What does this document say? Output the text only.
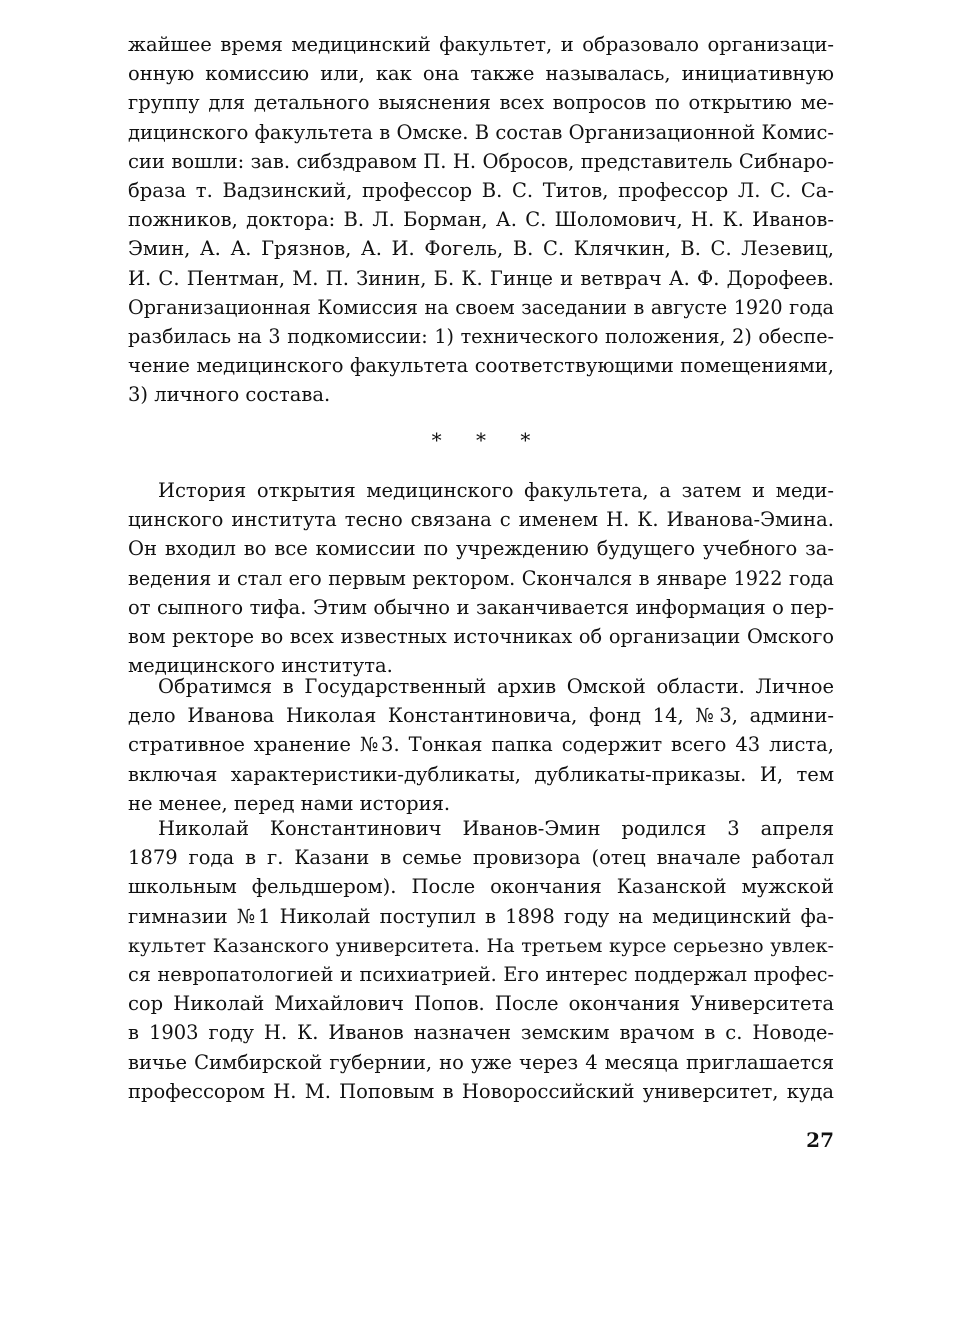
жайшее время медицинский факультет, и образовало организаци-
онную комиссию или, как она также называлась, инициативную
группу для детального выяснения всех вопросов по открытию ме-
дицинского факультета в Омске. В состав Организационной Комис-
сии вошли: зав. сибздравом П. Н. Обросов, представитель Сибнаро-
браза т. Вадзинский, профессор В. С. Титов, профессор Л. С. Са-
пожников, доктора: В. Л. Борман, А. С. Шоломович, Н. К. Иванов-
Эмин, А. А. Грязнов, А. И. Фогель, В. С. Клячкин, В. С. Лезевиц,
И. С. Пентман, М. П. Зинин, Б. К. Гинце и ветврач А. Ф. Дорофеев.
Организационная Комиссия на своем заседании в августе 1920 года
разбилась на 3 подкомиссии: 1) технического положения, 2) обеспе-
чение медицинского факультета соответствующими помещениями,
3) личного состава.
* * *
История открытия медицинского факультета, а затем и меди-
цинского института тесно связана с именем Н. К. Иванова-Эмина.
Он входил во все комиссии по учреждению будущего учебного за-
ведения и стал его первым ректором. Скончался в январе 1922 года
от сыпного тифа. Этим обычно и заканчивается информация о пер-
вом ректоре во всех известных источниках об организации Омского
медицинского института.
Обратимся в Государственный архив Омской области. Личное
дело Иванова Николая Константиновича, фонд 14, №3, админи-
стративное хранение №3. Тонкая папка содержит всего 43 листа,
включая характеристики-дубликаты, дубликаты-приказы. И, тем
не менее, перед нами история.
Николай Константинович Иванов-Эмин родился 3 апреля
1879 года в г. Казани в семье провизора (отец вначале работал
школьным фельдшером). После окончания Казанской мужской
гимназии №1 Николай поступил в 1898 году на медицинский фа-
культет Казанского университета. На третьем курсе серьезно увлек-
ся невропатологией и психиатрией. Его интерес поддержал профес-
сор Николай Михайлович Попов. После окончания Университета
в 1903 году Н. К. Иванов назначен земским врачом в с. Новоде-
вичье Симбирской губернии, но уже через 4 месяца приглашается
профессором Н. М. Поповым в Новороссийский университет, куда
27
